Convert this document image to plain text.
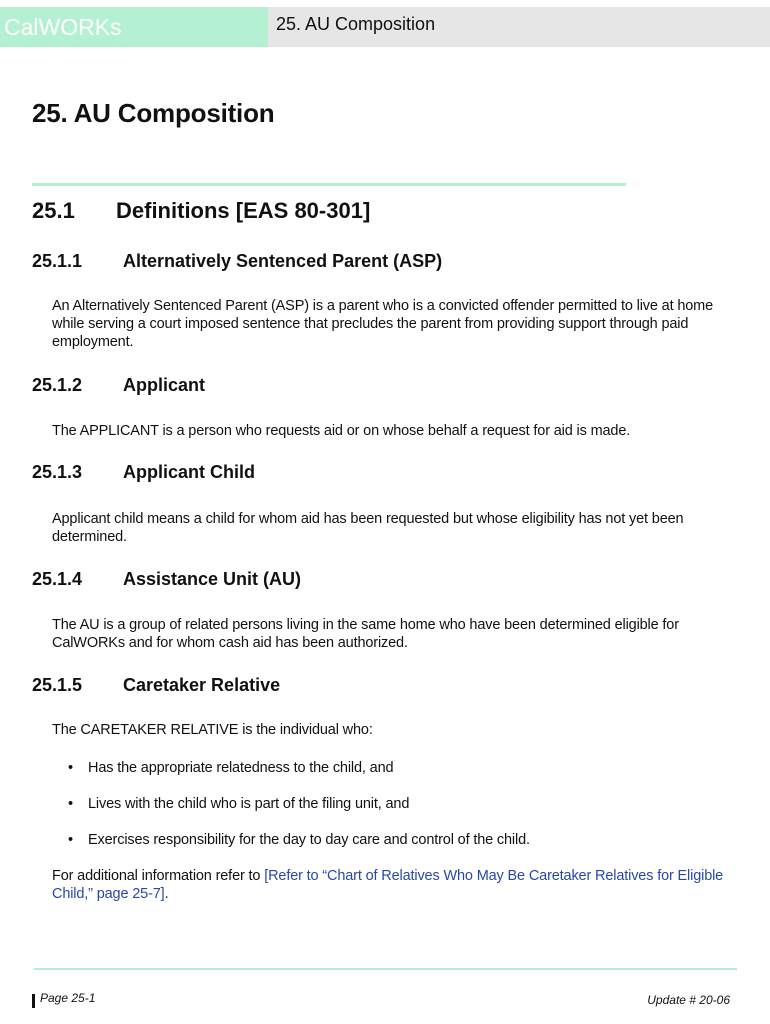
CalWORKs	25. AU Composition
25. AU Composition
25.1 Definitions [EAS 80-301]
25.1.1 Alternatively Sentenced Parent (ASP)

An Alternatively Sentenced Parent (ASP) is a parent who is a convicted offender permitted to live at home while serving a court imposed sentence that precludes the parent from providing support through paid employment.

25.1.2 Applicant

The APPLICANT is a person who requests aid or on whose behalf a request for aid is made.

25.1.3 Applicant Child

Applicant child means a child for whom aid has been requested but whose eligibility has not yet been determined.

25.1.4 Assistance Unit (AU)

The AU is a group of related persons living in the same home who have been determined eligible for CalWORKs and for whom cash aid has been authorized.

25.1.5 Caretaker Relative

The CARETAKER RELATIVE is the individual who:

• Has the appropriate relatedness to the child, and

• Lives with the child who is part of the filing unit, and

• Exercises responsibility for the day to day care and control of the child.

For additional information refer to [Refer to “Chart of Relatives Who May Be Caretaker Relatives for Eligible Child,” page 25-7].

Page 25-1	Update # 20-06
